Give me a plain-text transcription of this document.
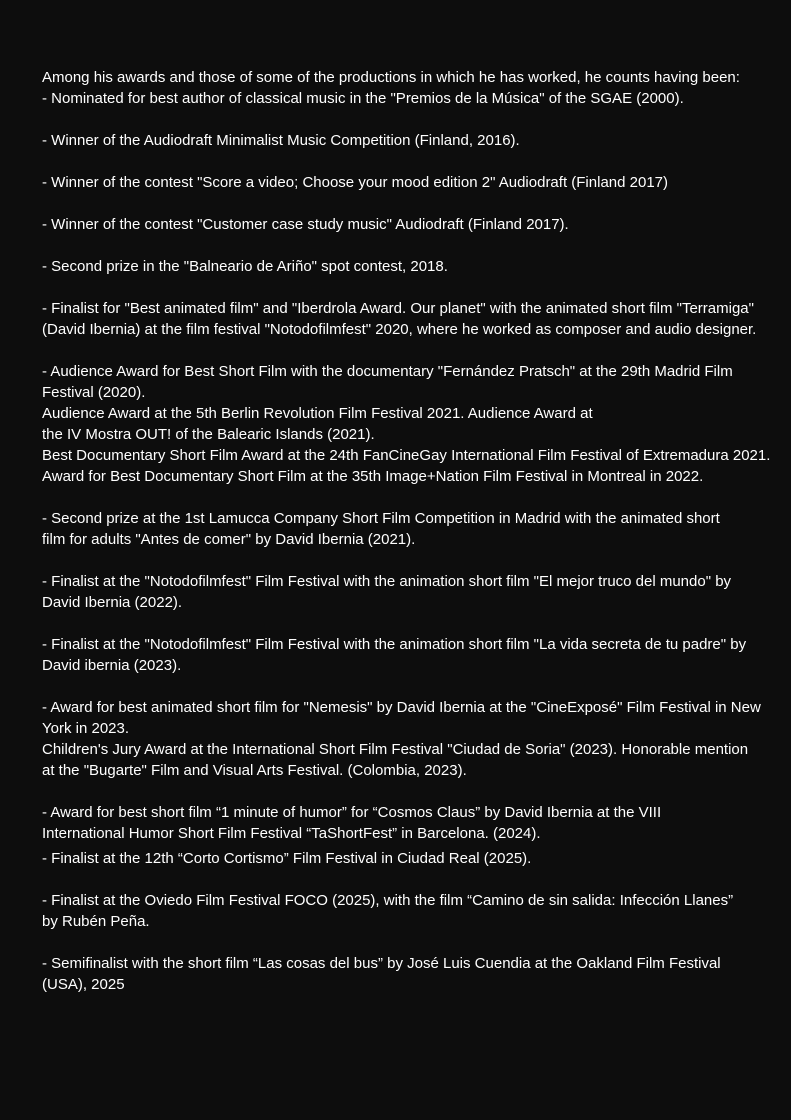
Among his awards and those of some of the productions in which he has worked, he counts having been:
- Nominated for best author of classical music in the "Premios de la Música" of the SGAE (2000).
- Winner of the Audiodraft Minimalist Music Competition (Finland, 2016).
- Winner of the contest "Score a video; Choose your mood edition 2" Audiodraft (Finland 2017)
- Winner of the contest "Customer case study music" Audiodraft (Finland 2017).
- Second prize in the "Balneario de Ariño" spot contest, 2018.
- Finalist for "Best animated film" and "Iberdrola Award. Our planet" with the animated short film "Terramiga"
(David Ibernia) at the film festival "Notodofilmfest" 2020, where he worked as composer and audio designer.
- Audience Award for Best Short Film with the documentary "Fernández Pratsch" at the 29th Madrid Film
Festival (2020).
Audience Award at the 5th Berlin Revolution Film Festival 2021. Audience Award at
the IV Mostra OUT! of the Balearic Islands (2021).
Best Documentary Short Film Award at the 24th FanCineGay International Film Festival of Extremadura 2021.
Award for Best Documentary Short Film at the 35th Image+Nation Film Festival in Montreal in 2022.
- Second prize at the 1st Lamucca Company Short Film Competition in Madrid with the animated short
film for adults "Antes de comer" by David Ibernia (2021).
- Finalist at the "Notodofilmfest" Film Festival with the animation short film "El mejor truco del mundo" by
David Ibernia (2022).
- Finalist at the "Notodofilmfest" Film Festival with the animation short film "La vida secreta de tu padre" by
David ibernia (2023).
- Award for best animated short film for "Nemesis" by David Ibernia at the "CineExposé" Film Festival in New
York in 2023.
Children's Jury Award at the International Short Film Festival "Ciudad de Soria" (2023). Honorable mention
at the "Bugarte" Film and Visual Arts Festival. (Colombia, 2023).
- Award for best short film “1 minute of humor” for “Cosmos Claus” by David Ibernia at the VIII
International Humor Short Film Festival “TaShortFest” in Barcelona. (2024).
- Finalist at the 12th “Corto Cortismo” Film Festival in Ciudad Real (2025).
- Finalist at the Oviedo Film Festival FOCO (2025), with the film “Camino de sin salida: Infección Llanes”
by Rubén Peña.
- Semifinalist with the short film “Las cosas del bus” by José Luis Cuendia at the Oakland Film Festival
(USA), 2025
